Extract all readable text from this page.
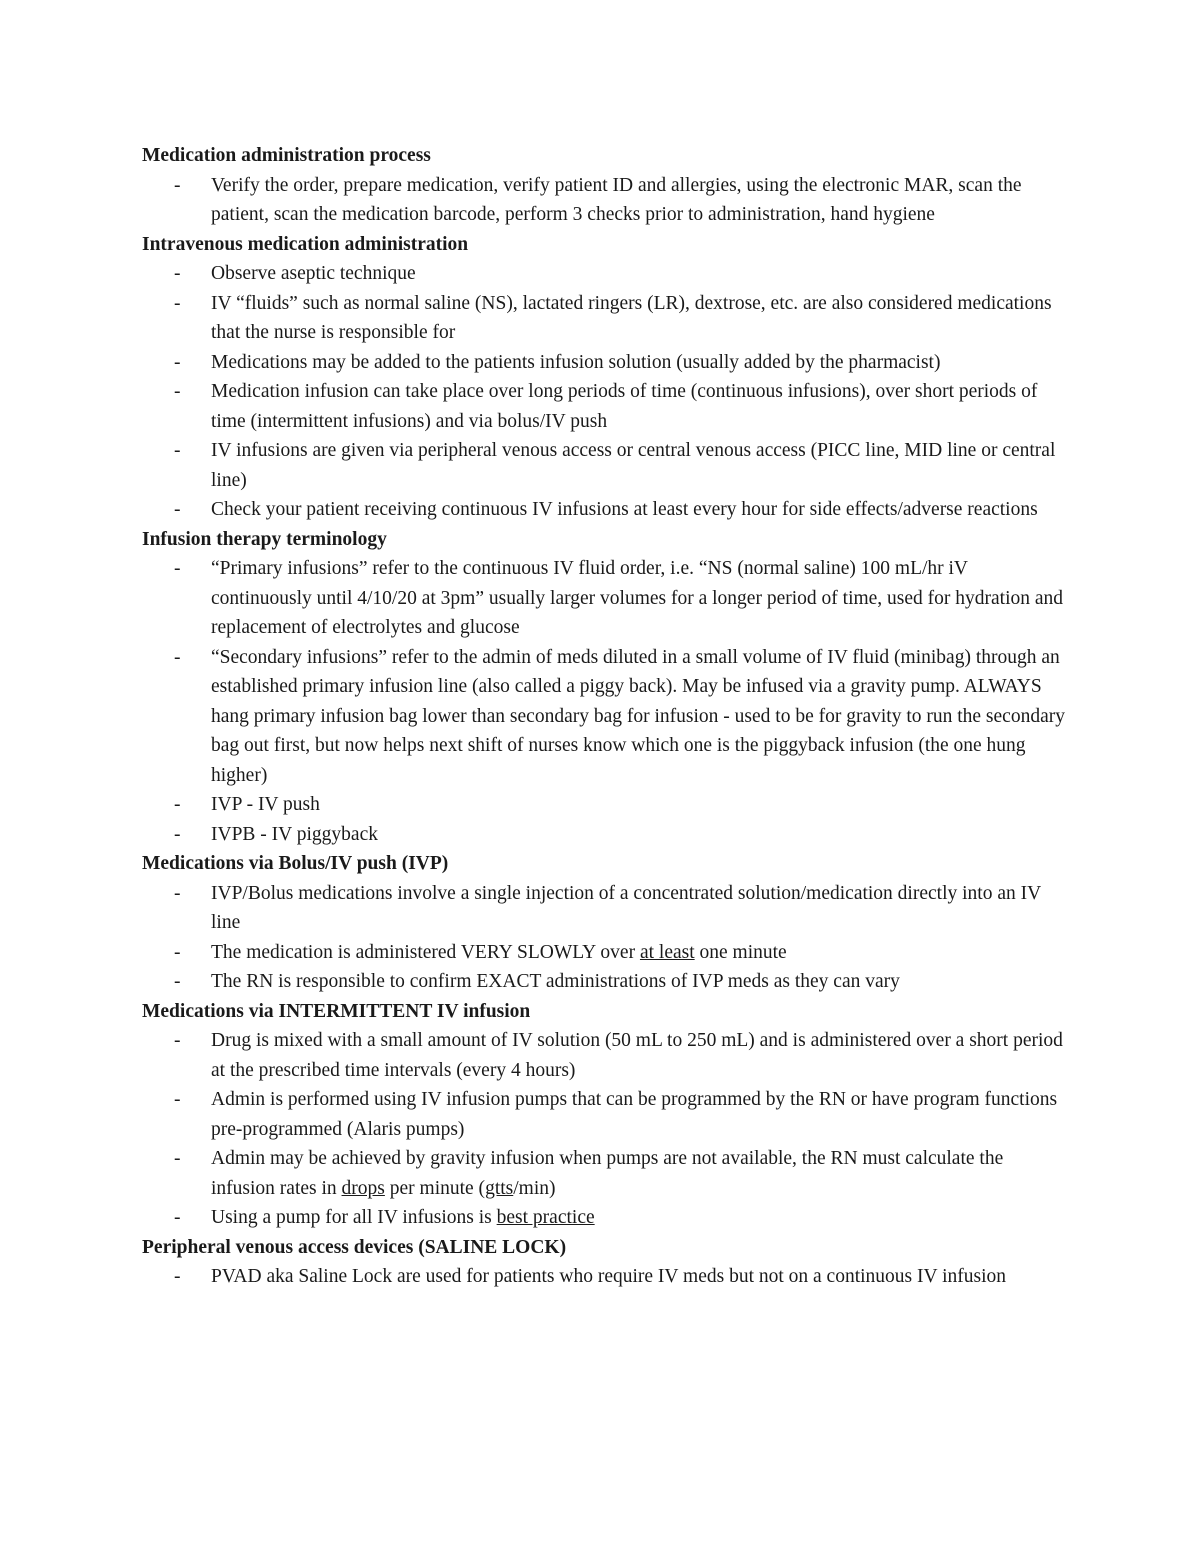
Medication administration process
- Verify the order, prepare medication, verify patient ID and allergies, using the electronic MAR, scan the patient, scan the medication barcode, perform 3 checks prior to administration, hand hygiene
Intravenous medication administration
- Observe aseptic technique
- IV “fluids” such as normal saline (NS), lactated ringers (LR), dextrose, etc. are also considered medications that the nurse is responsible for
- Medications may be added to the patients infusion solution (usually added by the pharmacist)
- Medication infusion can take place over long periods of time (continuous infusions), over short periods of time (intermittent infusions) and via bolus/IV push
- IV infusions are given via peripheral venous access or central venous access (PICC line, MID line or central line)
- Check your patient receiving continuous IV infusions at least every hour for side effects/adverse reactions
Infusion therapy terminology
- “Primary infusions” refer to the continuous IV fluid order, i.e. “NS (normal saline) 100 mL/hr iV continuously until 4/10/20 at 3pm” usually larger volumes for a longer period of time, used for hydration and replacement of electrolytes and glucose
- “Secondary infusions” refer to the admin of meds diluted in a small volume of IV fluid (minibag) through an established primary infusion line (also called a piggy back). May be infused via a gravity pump. ALWAYS hang primary infusion bag lower than secondary bag for infusion - used to be for gravity to run the secondary bag out first, but now helps next shift of nurses know which one is the piggyback infusion (the one hung higher)
- IVP - IV push
- IVPB - IV piggyback
Medications via Bolus/IV push (IVP)
- IVP/Bolus medications involve a single injection of a concentrated solution/medication directly into an IV line
- The medication is administered VERY SLOWLY over at least one minute
- The RN is responsible to confirm EXACT administrations of IVP meds as they can vary
Medications via INTERMITTENT IV infusion
- Drug is mixed with a small amount of IV solution (50 mL to 250 mL) and is administered over a short period at the prescribed time intervals (every 4 hours)
- Admin is performed using IV infusion pumps that can be programmed by the RN or have program functions pre-programmed (Alaris pumps)
- Admin may be achieved by gravity infusion when pumps are not available, the RN must calculate the infusion rates in drops per minute (gtts/min)
- Using a pump for all IV infusions is best practice
Peripheral venous access devices (SALINE LOCK)
- PVAD aka Saline Lock are used for patients who require IV meds but not on a continuous IV infusion
